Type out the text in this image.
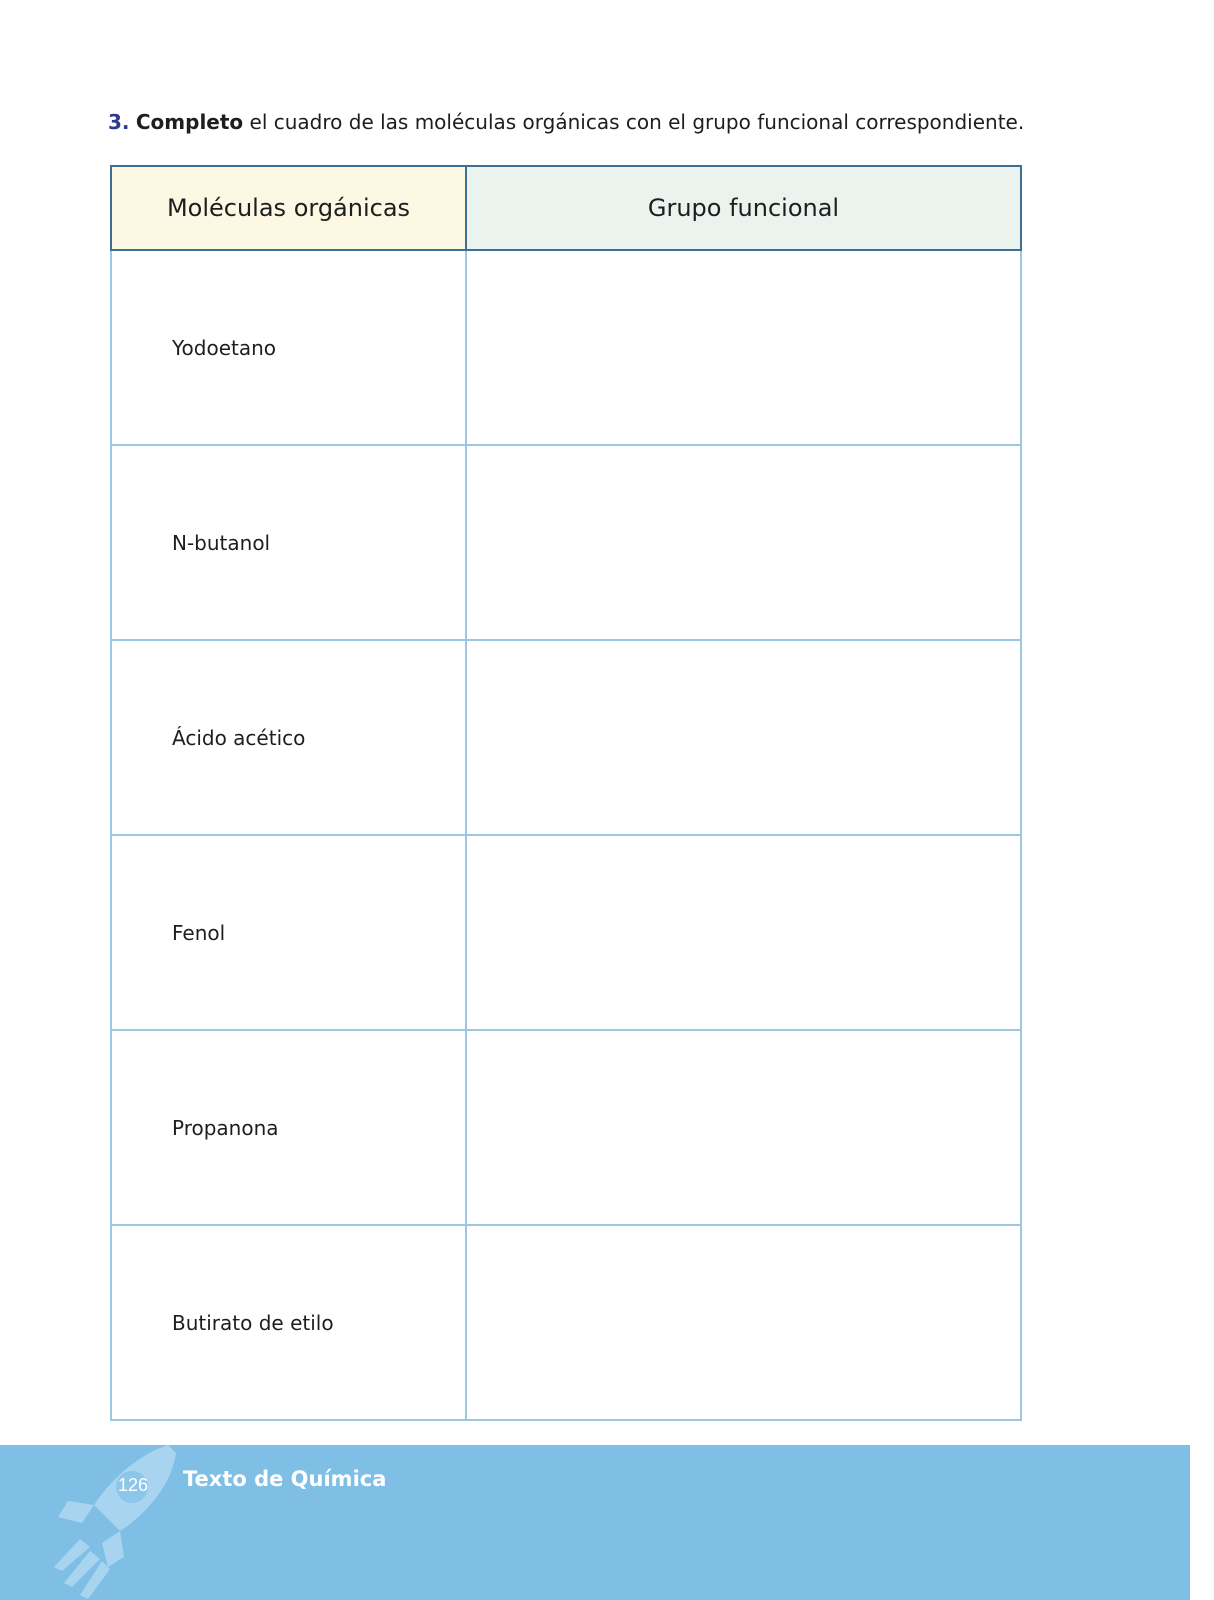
3. Completo el cuadro de las moléculas orgánicas con el grupo funcional correspondiente.
Moléculas orgánicas	Grupo funcional
Yodoetano	
N-butanol	
Ácido acético	
Fenol	
Propanona	
Butirato de etilo	
126 Texto de Química
